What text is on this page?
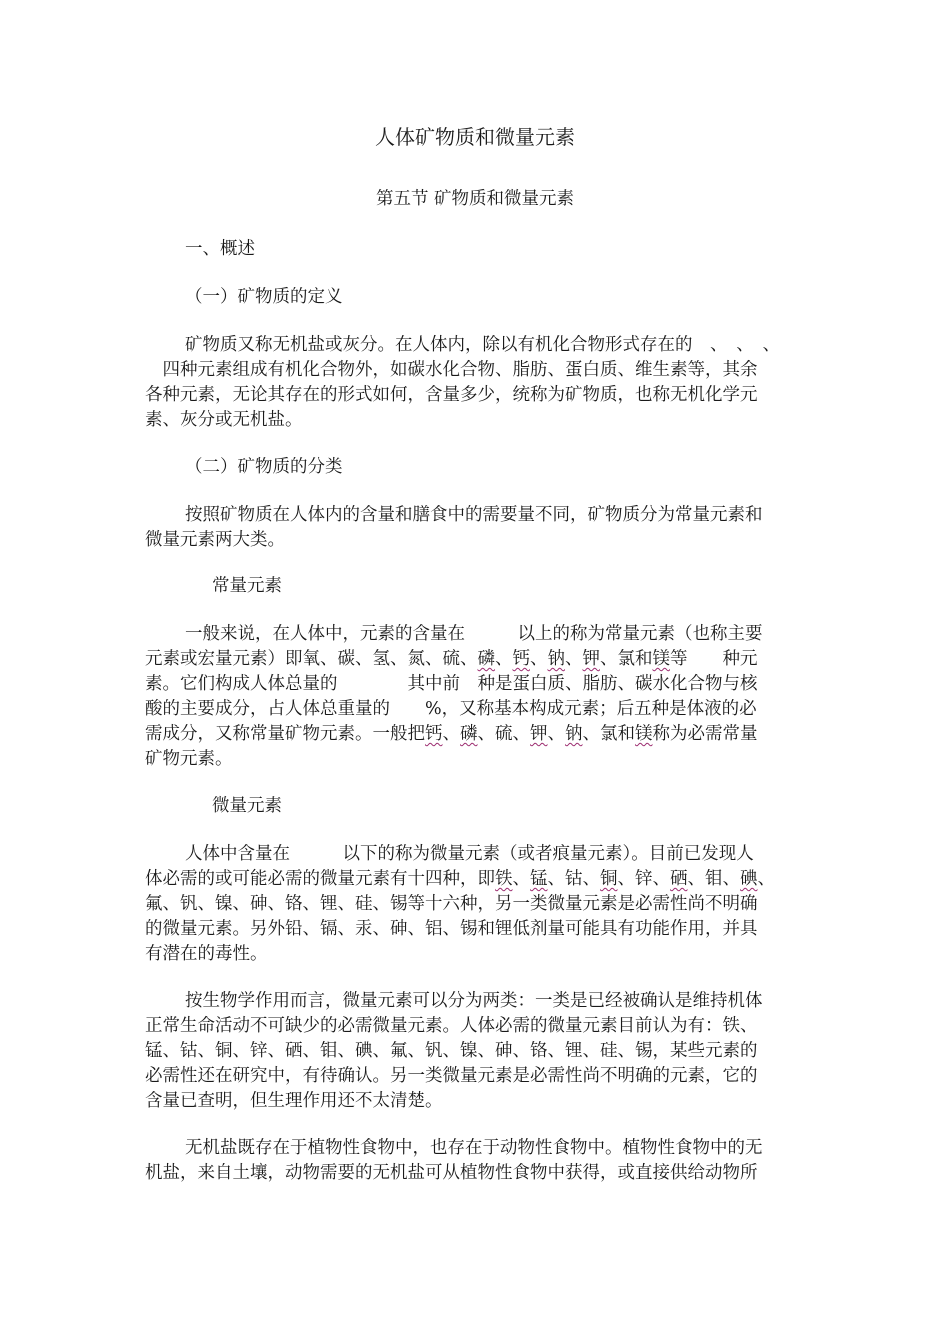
人体矿物质和微量元素
第五节 矿物质和微量元素
一、概述
（一）矿物质的定义
矿物质又称无机盐或灰分。在人体内，除以有机化合物形式存在的　、　、　、
　四种元素组成有机化合物外，如碳水化合物、脂肪、蛋白质、维生素等，其余
各种元素，无论其存在的形式如何，含量多少，统称为矿物质，也称无机化学元
素、灰分或无机盐。
（二）矿物质的分类
按照矿物质在人体内的含量和膳食中的需要量不同，矿物质分为常量元素和
微量元素两大类。
常量元素
一般来说，在人体中，元素的含量在　　　以上的称为常量元素（也称主要
元素或宏量元素）即氧、碳、氢、氮、硫、磷、钙、钠、钾、氯和镁等　　种元
素。它们构成人体总量的　　　　其中前　种是蛋白质、脂肪、碳水化合物与核
酸的主要成分，占人体总重量的　　%，又称基本构成元素；后五种是体液的必
需成分，又称常量矿物元素。一般把钙、磷、硫、钾、钠、氯和镁称为必需常量
矿物元素。
微量元素
人体中含量在　　　以下的称为微量元素（或者痕量元素）。目前已发现人
体必需的或可能必需的微量元素有十四种，即铁、锰、钴、铜、锌、硒、钼、碘、
氟、钒、镍、砷、铬、锂、硅、锡等十六种，另一类微量元素是必需性尚不明确
的微量元素。另外铅、镉、汞、砷、铝、锡和锂低剂量可能具有功能作用，并具
有潜在的毒性。
按生物学作用而言，微量元素可以分为两类：一类是已经被确认是维持机体
正常生命活动不可缺少的必需微量元素。人体必需的微量元素目前认为有：铁、
锰、钴、铜、锌、硒、钼、碘、氟、钒、镍、砷、铬、锂、硅、锡，某些元素的
必需性还在研究中，有待确认。另一类微量元素是必需性尚不明确的元素，它的
含量已查明，但生理作用还不太清楚。
无机盐既存在于植物性食物中，也存在于动物性食物中。植物性食物中的无
机盐，来自土壤，动物需要的无机盐可从植物性食物中获得，或直接供给动物所
